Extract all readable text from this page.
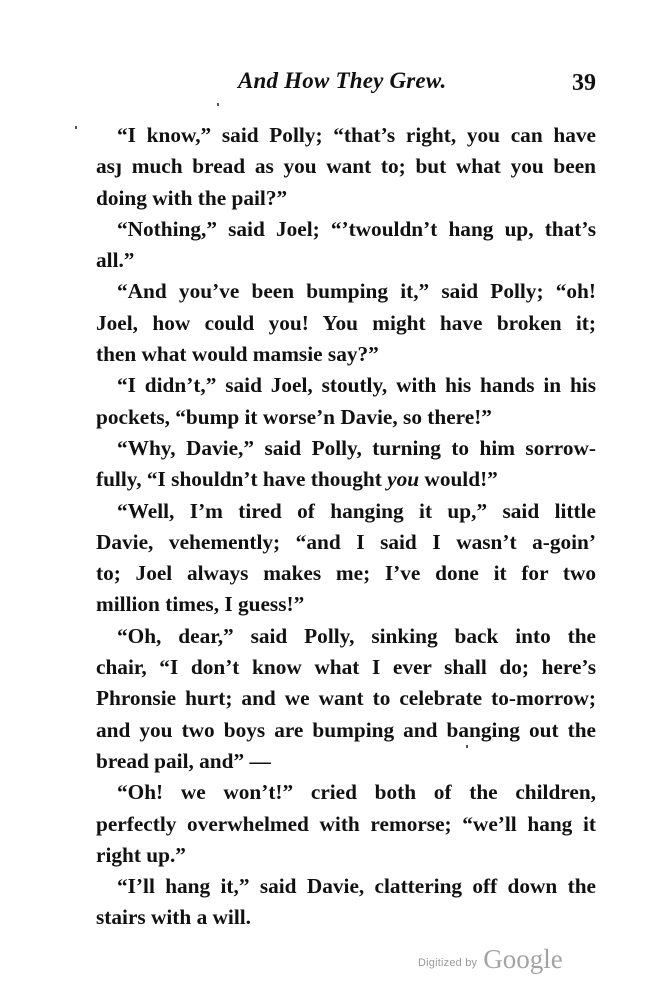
And How They Grew.	39
“I know,” said Polly; “that’s right, you can have
asȷ much bread as you want to; but what you been
doing with the pail?”
“Nothing,” said Joel; “’twouldn’t hang up, that’s
all.”
“And you’ve been bumping it,” said Polly; “oh!
Joel, how could you! You might have broken it;
then what would mamsie say?”
“I didn’t,” said Joel, stoutly, with his hands in his
pockets, “bump it worse’n Davie, so there!”
“Why, Davie,” said Polly, turning to him sorrow-
fully, “I shouldn’t have thought you would!”
“Well, I’m tired of hanging it up,” said little
Davie, vehemently; “and I said I wasn’t a-goin’
to; Joel always makes me; I’ve done it for two
million times, I guess!”
“Oh, dear,” said Polly, sinking back into the
chair, “I don’t know what I ever shall do; here’s
Phronsie hurt; and we want to celebrate to-morrow;
and you two boys are bumping and banging out the
bread pail, and” —
“Oh! we won’t!” cried both of the children,
perfectly overwhelmed with remorse; “we’ll hang it
right up.”
“I’ll hang it,” said Davie, clattering off down the
stairs with a will.
Digitized by Google
